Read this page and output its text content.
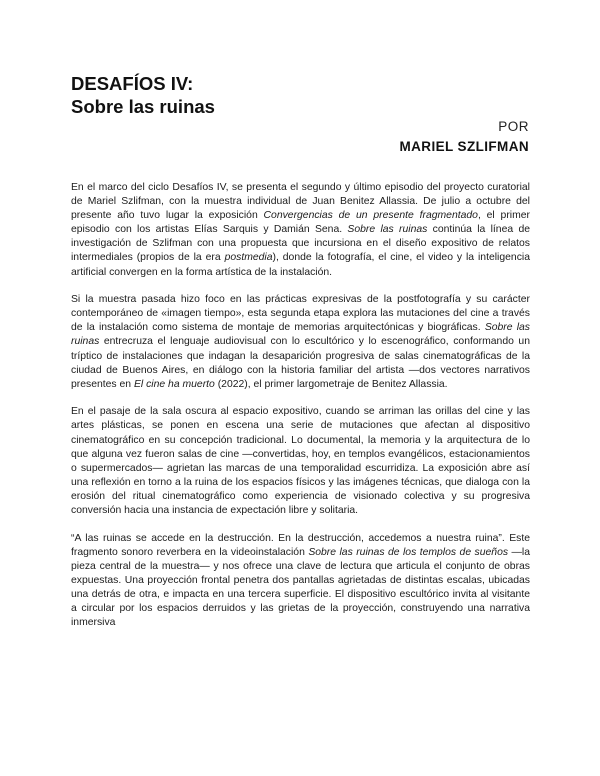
DESAFÍOS IV:
Sobre las ruinas
POR
MARIEL SZLIFMAN

En el marco del ciclo Desafíos IV, se presenta el segundo y último episodio del proyecto curatorial de Mariel Szlifman, con la muestra individual de Juan Benitez Allassia. De julio a octubre del presente año tuvo lugar la exposición Convergencias de un presente fragmentado, el primer episodio con los artistas Elías Sarquis y Damián Sena. Sobre las ruinas continúa la línea de investigación de Szlifman con una propuesta que incursiona en el diseño expositivo de relatos intermediales (propios de la era postmedia), donde la fotografía, el cine, el video y la inteligencia artificial convergen en la forma artística de la instalación.

Si la muestra pasada hizo foco en las prácticas expresivas de la postfotografía y su carácter contemporáneo de «imagen tiempo», esta segunda etapa explora las mutaciones del cine a través de la instalación como sistema de montaje de memorias arquitectónicas y biográficas. Sobre las ruinas entrecruza el lenguaje audiovisual con lo escultórico y lo escenográfico, conformando un tríptico de instalaciones que indagan la desaparición progresiva de salas cinematográficas de la ciudad de Buenos Aires, en diálogo con la historia familiar del artista —dos vectores narrativos presentes en El cine ha muerto (2022), el primer largometraje de Benitez Allassia.

En el pasaje de la sala oscura al espacio expositivo, cuando se arriman las orillas del cine y las artes plásticas, se ponen en escena una serie de mutaciones que afectan al dispositivo cinematográfico en su concepción tradicional. Lo documental, la memoria y la arquitectura de lo que alguna vez fueron salas de cine —convertidas, hoy, en templos evangélicos, estacionamientos o supermercados— agrietan las marcas de una temporalidad escurridiza. La exposición abre así una reflexión en torno a la ruina de los espacios físicos y las imágenes técnicas, que dialoga con la erosión del ritual cinematográfico como experiencia de visionado colectiva y su progresiva conversión hacia una instancia de expectación libre y solitaria.

“A las ruinas se accede en la destrucción. En la destrucción, accedemos a nuestra ruina”. Este fragmento sonoro reverbera en la videoinstalación Sobre las ruinas de los templos de sueños —la pieza central de la muestra— y nos ofrece una clave de lectura que articula el conjunto de obras expuestas. Una proyección frontal penetra dos pantallas agrietadas de distintas escalas, ubicadas una detrás de otra, e impacta en una tercera superficie. El dispositivo escultórico invita al visitante a circular por los espacios derruidos y las grietas de la proyección, construyendo una narrativa inmersiva
